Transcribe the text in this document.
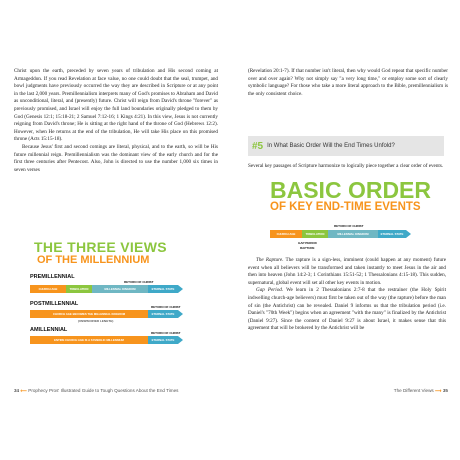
Christ upon the earth, preceded by seven years of tribulation and His second coming at Armageddon. If you read Revelation at face value, no one could doubt that the seal, trumpet, and bowl judgments have previously occurred the way they are described in Scripture or at any point in the last 2,000 years. Premillennialism interprets many of God's promises to Abraham and David as unconditional, literal, and (presently) future. Christ will reign from David's throne "forever" as previously promised, and Israel will enjoy the full land boundaries originally pledged to them by God (Genesis 12:1; 15:18-21; 2 Samuel 7:12-16; 1 Kings 4:21). In this view, Jesus is not currently reigning from David's throne; He is sitting at the right hand of the throne of God (Hebrews 12:2). However, when He returns at the end of the tribulation, He will take His place on this promised throne (Acts 15:15-18).

Because Jesus' first and second comings are literal, physical, and to the earth, so will be His future millennial reign. Premillennialism was the dominant view of the early church and for the first three centuries after Pentecost. Also, John is directed to use the number 1,000 six times in seven verses

THE THREE VIEWS
OF THE MILLENNIUM
PREMILLENNIAL
RETURN OF CHRIST
CHURCH AGE	TRIBULATION	MILLENNIAL KINGDOM	ETERNAL STATE
POSTMILLENNIAL	RETURN OF CHRIST
CHURCH AGE BECOMES THE MILLENNIAL KINGDOM	ETERNAL STATE
(UNSPECIFIED LENGTH)
AMILLENNIAL	RETURN OF CHRIST
ENTIRE CHURCH AGE IS A SYMBOLIC MILLENNIUM	ETERNAL STATE
34 ⟵ Prophecy Pros' Illustrated Guide to Tough Questions About the End Times
(Revelation 20:1-7). If that number isn't literal, then why would God repeat that specific number over and over again? Why not simply say "a very long time," or employ some sort of clearly symbolic language? For those who take a more literal approach to the Bible, premillennialism is the only consistent choice.
#5 In What Basic Order Will the End Times Unfold?
Several key passages of Scripture harmonize to logically piece together a clear order of events.
BASIC ORDER
OF KEY END-TIME EVENTS
RETURN OF CHRIST
CHURCH AGE	TRIBULATION	MILLENNIAL KINGDOM	ETERNAL STATE
GAP PERIOD
RAPTURE

The Rapture. The rapture is a sign-less, imminent (could happen at any moment) future event when all believers will be transformed and taken instantly to meet Jesus in the air and then into heaven (John 14:2-3; 1 Corinthians 15:51-52; 1 Thessalonians 4:15-18). This sudden, supernatural, global event will set all other key events in motion.

Gap Period. We learn in 2 Thessalonians 2:7-8 that the restrainer (the Holy Spirit indwelling church-age believers) must first be taken out of the way (the rapture) before the man of sin (the Antichrist) can be revealed. Daniel 9 informs us that the tribulation period (i.e. Daniel's "70th Week") begins when an agreement "with the many" is finalized by the Antichrist (Daniel 9:27). Since the content of Daniel 9:27 is about Israel, it makes sense that this agreement that will be brokered by the Antichrist will be

The Different Views ⟶ 35
